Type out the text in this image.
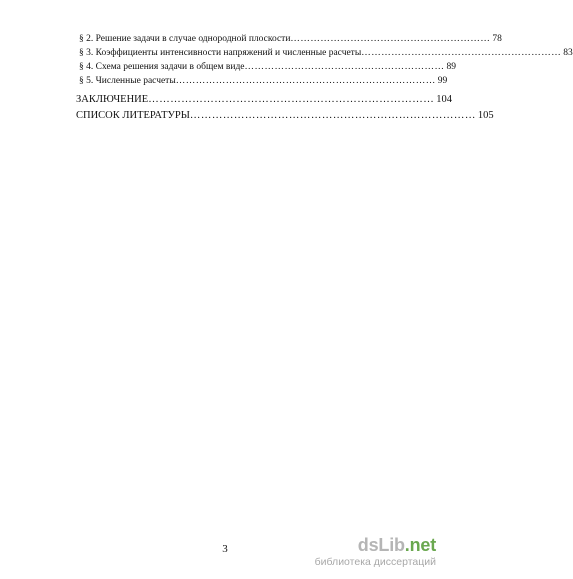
§ 2. Решение задачи в случае однородной плоскости …………………………………………………… 78
§ 3. Коэффициенты интенсивности напряжений и численные расчеты …………………………………………………… 83
§ 4. Схема решения задачи в общем виде …………………………………………………… 89
§ 5. Численные расчеты …………………………………………………………………… 99
ЗАКЛЮЧЕНИЕ …………………………………………………………………… 104
СПИСОК ЛИТЕРАТУРЫ …………………………………………………………………… 105
3	dsLib.net
библиотека диссертаций
